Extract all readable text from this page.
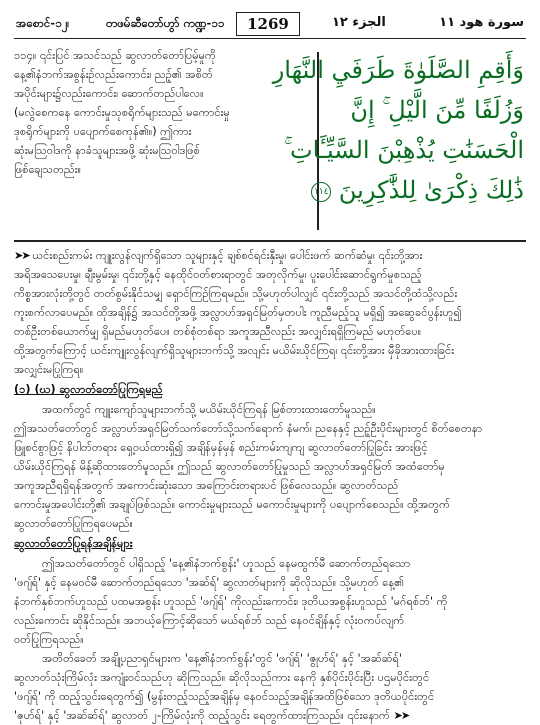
အစောင်-၁၂၊	တဖမ်ဆီတော်ဟွာ် ကဏ္ဍ-၁၁	1269	الجزء ١٢	سورة هود ١١
၁၁၄။ ၎င်းပြင် အသင်သည် ဆွလာတ်တော်ပြမ့်မှုကို
နေ့၏နံဘက်အစွန်းဥ်လည်းကောင်း၊ ညဉ့်၏ အစိတ်
အပိုင်းများ၌လည်းကောင်း၊ ဆောက်တည်ပါလေ။
(မလွဲစေကနေ ကောင်းမှုသုစရိုက်များသည် မကောင်းမှု
ဒုစရိုက်များကို ပပျောက်စေကုန်၏။) ဤကား
ဆုံးမသြဝါဒကို နာခံသူများအဖို့ ဆုံးမသြဝါဒဖြစ်
ဖြစ်ချေသတည်း။
وَأَقِمِ الصَّلَوٰةَ طَرَفَيِ النَّهَارِ
وَزُلَفًا مِّنَ الَّيْلِ ۚ إِنَّ
الْحَسَنَٰتِ يُذْهِبْنَ السَّيِّـَٔاتِ ۚ
ذَٰلِكَ ذِكْرَىٰ لِلذَّٰكِرِينَ ١١٤
➤➤ ယင်းစည်းကမ်း ကျူးလွန်လျက်ရှိသော သူများနှင့် ချစ်စင်ရင်းနှီးမှု၊ ပေါင်းဖက် ဆက်ဆံမှု၊ ၎င်းတို့အား
အရိအသေပေးမှု၊ ချီးမွမ်းမှု၊ ၎င်းတို့နှင့် နေထိုင်ဝတ်စားရာတွင် အတုလိုက်မှု၊ ပူးပေါင်းဆောင်ရွက်မှုစသည့်
ကိစ္စအားလုံးတို့တွင် တတ်စွမ်းနိုင်သမျှ ရှောင်ကြဉ်ကြရမည်။ သို့မဟုတ်ပါလျှင် ၎င်းတို့သည် အသင်တို့ထံသို့လည်း
ကူးစက်လာပေမည်။ ထိုအချိန်၌ အသင်တို့အဖို့ အလ္လာဟ်အရှင်မြတ်မှတပါး ကူညီမည့်သူ မရှိ၍ အဆွေခင်ပွန်းဟူ၍
တစ်ဦးတစ်ယောက်မျှ ရှိမည်မဟုတ်ပေ။ တစ်စုံတစ်ရာ အကူအညီလည်း အလျှင်းရရှိကြမည် မဟုတ်ပေ။
ထို့အတွက်ကြောင့် ယင်းကျူးလွန်လျက်ရှိသူများဘက်သို့ အလျင်း မယိမ်းယိုင်ကြရ၊ ၎င်းတို့အား မှီခိုအားထားခြင်း
အလျှင်းမပြုကြရ။
(၁) (ဃ) ဆွလာတ်တော်ပြုကြရမည်
အထက်တွင် ကျူးကျော်သူများဘက်သို့ မယိမ်းယိုင်ကြရန် မြစ်တားထားတော်မူသည်။
ဤအသတ်တော်တွင် အလ္လာဟ်အရှင်မြတ်သက်တော်သို့သက်ရောက် နံမက်၊ ညနေနှင့် ညဉ့်ဦးပိုင်းများတွင် စိတ်စေတနာ
ဖြူစင်စွာဖြင့် နိပါတ်တရား ရှေ့ဝယ်ထားရှိ၍ အချိန်မှန်မှန် စည်းကမ်းကျကျ ဆွလာတ်တော်ပြုခြင်း အားဖြင့်
ယိမ်းယိုင်ကြရန် မိန့်ဆိုထားတော်မူသည်။ ဤသည် ဆွလာတ်တော်ပြုမှုသည် အလ္လာဟ်အရှင်မြတ် အထံတော်မှ
အကူအညီရရှိရန်အတွက် အကောင်းဆုံးသော အကြောင်းတရားပင် ဖြစ်လေသည်။ ဆွလာတ်သည်
ကောင်းမှုအပေါင်းတို့၏ အချုပ်ဖြစ်သည်။ ကောင်းမှုများသည် မကောင်းမှုများကို ပပျောက်စေသည်။ ထို့အတွက်
ဆွလာတ်တော်ပြုကြရပေမည်။
ဆွလာတ်တော်ပြုရန်အချိန်များ
ဤအသတ်တော်တွင် ပါရှိသည့် 'နေ့၏နံဘက်စွန်း' ဟူသည် နေမထွက်မီ ဆောက်တည်ရသော
'ဖဂျ်ရ်' နှင့် နေမဝင်မီ ဆောက်တည်ရသော 'အဆ်ရ်' ဆွလာတ်များကို ဆိုလိုသည်။ သို့မဟုတ် နေ့၏
နံဘက်နှစ်ဘက်ဟူသည် ပထမအစွန်း ဟူသည် 'ဖဂျ်ရ်' ကိုလည်းကောင်း၊ ဒုတိယအစွန်းဟူသည် 'မဂ်ရစ်ဘ်' ကို
လည်းကောင်း ဆိုနိုင်သည်။ အဘယ့်ကြောင့်ဆိုသော် မယ်ရစ်ဘ် သည် နေဝင်ချိန်နှင့် လုံးဝကပ်လျက်
ဝတ်ပြုကြရသည်။
အတိတ်ခေတ် အချို့ပညာရှင်များက 'နေ့၏နံဘက်စွန်း'တွင် 'ဖဂျ်ရ်' 'ဇွုဟ်ရ်' နှင့် 'အဆ်ဆ်ရ်'
ဆွလာတ်သုံးကြိမ်လုံး အကျုံးဝင်သည်ဟု ဆိုကြသည်။ ဆိုလိုသည်ကား နေကို နှစ်ပိုင်းပိုင်းပြီး ပဌမပိုင်းတွင်
'ဖဂျ်ရ်' ကို ထည့်သွင်းရေတွက်၍ (မွန်းတည့်သည့်အချိန်မှ နေဝင်သည့်အချိန်အထိဖြစ်သော ဒုတိယပိုင်းတွင်
'ဇုဟ်ရ်' နှင့် 'အဆ်ဆ်ရ်' ဆွလာတ် ၂-ကြိမ်လုံးကို ထည့်သွင်း ရေတွက်ထားကြသည်။ ၎င်းနောက် ➤➤
